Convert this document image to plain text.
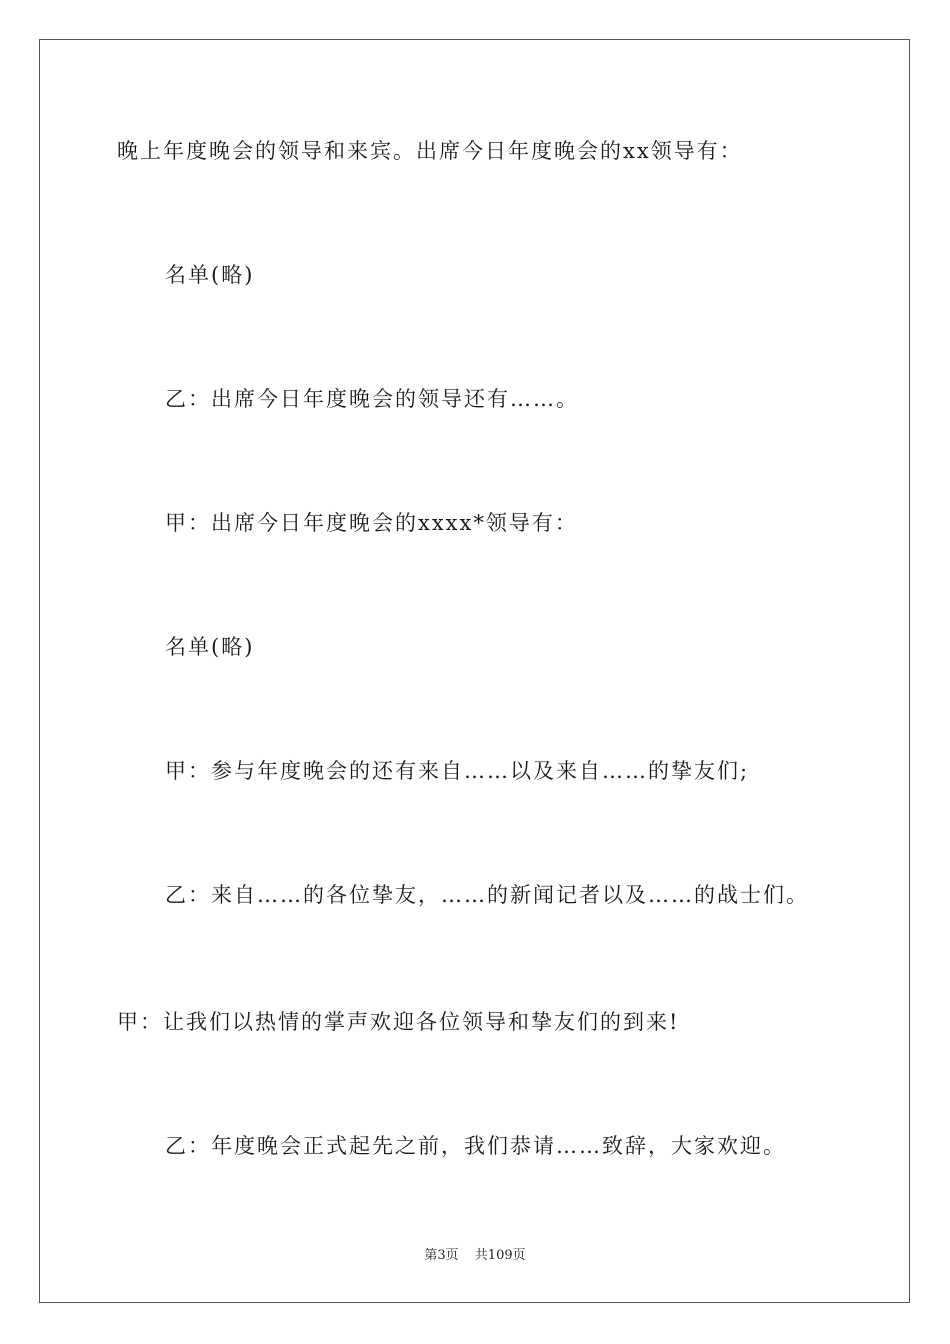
晚上年度晚会的领导和来宾。出席今日年度晚会的xx领导有：
名单(略)
乙：出席今日年度晚会的领导还有……。
甲：出席今日年度晚会的xxxx*领导有：
名单(略)
甲：参与年度晚会的还有来自……以及来自……的挚友们;
乙：来自……的各位挚友，……的新闻记者以及……的战士们。
甲：让我们以热情的掌声欢迎各位领导和挚友们的到来!
乙：年度晚会正式起先之前，我们恭请……致辞，大家欢迎。
第3页 共109页
